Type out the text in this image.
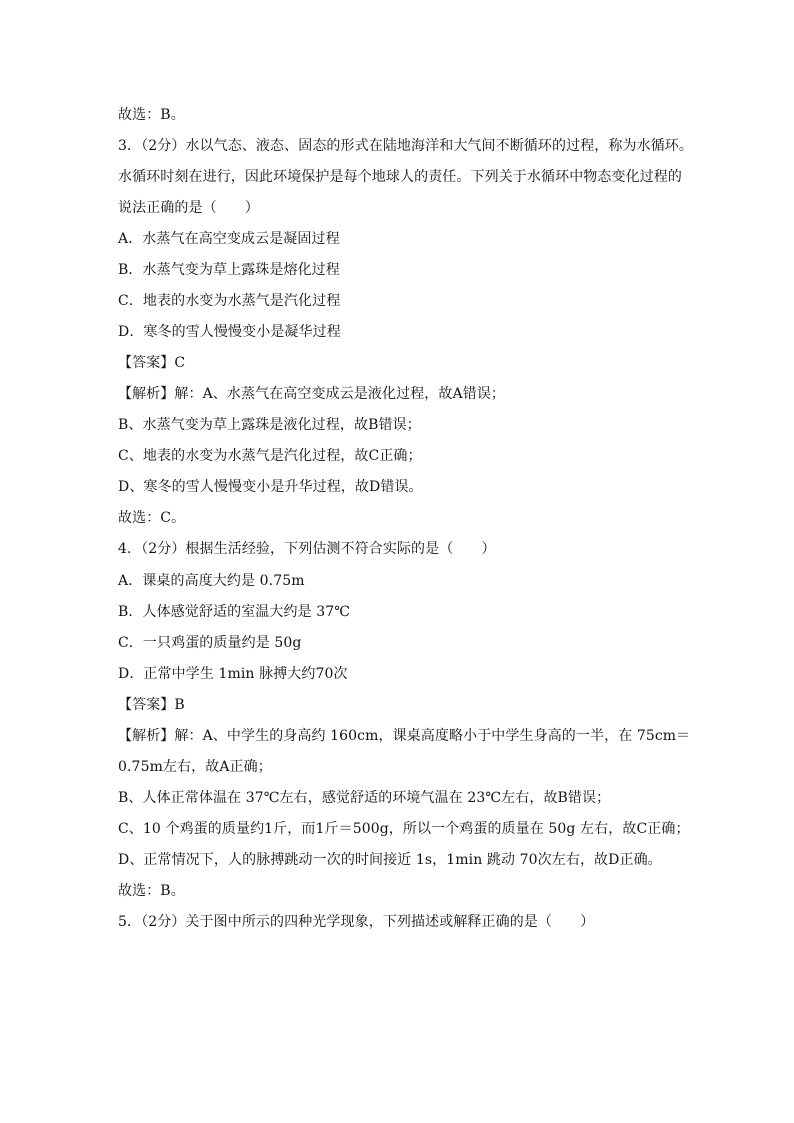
故选：B。

3．（2分）水以气态、液态、固态的形式在陆地海洋和大气间不断循环的过程，称为水循环。

水循环时刻在进行，因此环境保护是每个地球人的责任。下列关于水循环中物态变化过程的

说法正确的是（　　）

A．水蒸气在高空变成云是凝固过程

B．水蒸气变为草上露珠是熔化过程

C．地表的水变为水蒸气是汽化过程

D．寒冬的雪人慢慢变小是凝华过程

【答案】C

【解析】解：A、水蒸气在高空变成云是液化过程，故A错误；

B、水蒸气变为草上露珠是液化过程，故B错误；

C、地表的水变为水蒸气是汽化过程，故C正确；

D、寒冬的雪人慢慢变小是升华过程，故D错误。

故选：C。

4．（2分）根据生活经验，下列估测不符合实际的是（　　）

A．课桌的高度大约是 0.75m

B．人体感觉舒适的室温大约是 37℃

C．一只鸡蛋的质量约是 50g

D．正常中学生 1min 脉搏大约70次

【答案】B

【解析】解：A、中学生的身高约 160cm，课桌高度略小于中学生身高的一半，在 75cm＝

0.75m左右，故A正确；

B、人体正常体温在 37℃左右，感觉舒适的环境气温在 23℃左右，故B错误；

C、10 个鸡蛋的质量约1斤，而1斤＝500g，所以一个鸡蛋的质量在 50g 左右，故C正确；

D、正常情况下，人的脉搏跳动一次的时间接近 1s，1min 跳动 70次左右，故D正确。

故选：B。

5．（2分）关于图中所示的四种光学现象，下列描述或解释正确的是（　　）
